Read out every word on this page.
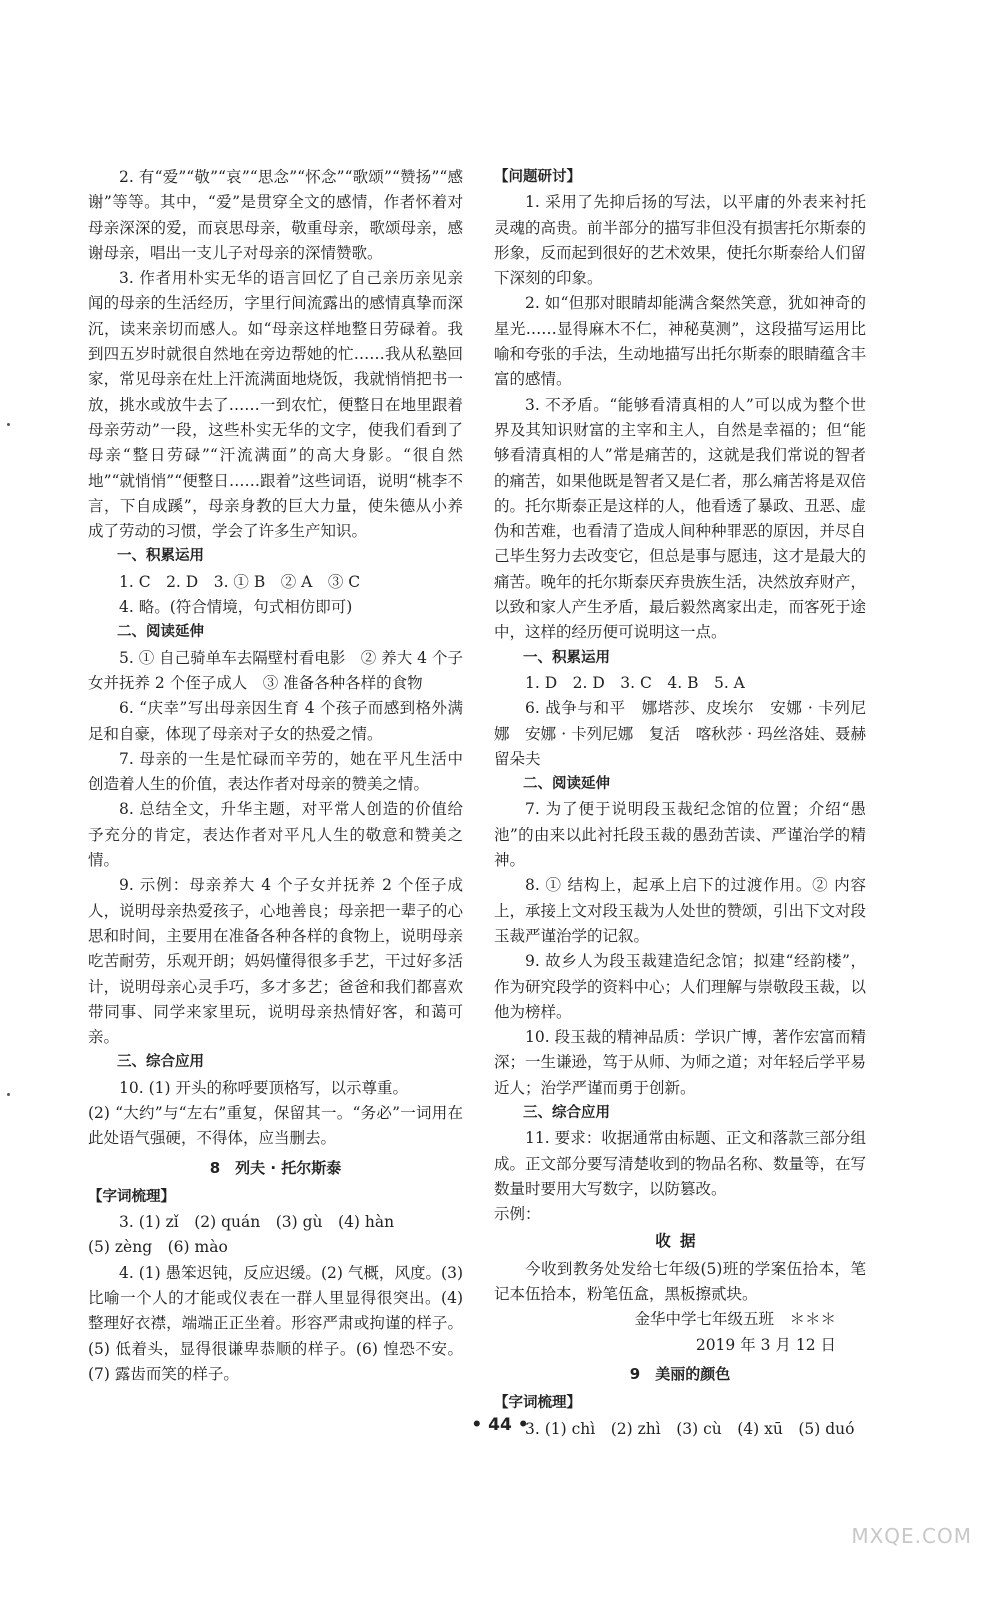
2. 有“爱”“敬”“哀”“思念”“怀念”“歌颂”“赞扬”“感谢”等等。其中，“爱”是贯穿全文的感情，作者怀着对母亲深深的爱，而哀思母亲，敬重母亲，歌颂母亲，感谢母亲，唱出一支儿子对母亲的深情赞歌。

3. 作者用朴实无华的语言回忆了自己亲历亲见亲闻的母亲的生活经历，字里行间流露出的感情真挚而深沉，读来亲切而感人。如“母亲这样地整日劳碌着。我到四五岁时就很自然地在旁边帮她的忙……我从私塾回家，常见母亲在灶上汗流满面地烧饭，我就悄悄把书一放，挑水或放牛去了……一到农忙，便整日在地里跟着母亲劳动”一段，这些朴实无华的文字，使我们看到了母亲“整日劳碌”“汗流满面”的高大身影。“很自然地”“就悄悄”“便整日……跟着”这些词语，说明“桃李不言，下自成蹊”，母亲身教的巨大力量，使朱德从小养成了劳动的习惯，学会了许多生产知识。

一、积累运用

1. C　2. D　3. ① B　② A　③ C

4. 略。(符合情境，句式相仿即可)

二、阅读延伸

5. ① 自己骑单车去隔壁村看电影　② 养大 4 个子女并抚养 2 个侄子成人　③ 准备各种各样的食物

6. “庆幸”写出母亲因生育 4 个孩子而感到格外满足和自豪，体现了母亲对子女的热爱之情。

7. 母亲的一生是忙碌而辛劳的，她在平凡生活中创造着人生的价值，表达作者对母亲的赞美之情。

8. 总结全文，升华主题，对平常人创造的价值给予充分的肯定，表达作者对平凡人生的敬意和赞美之情。

9. 示例：母亲养大 4 个子女并抚养 2 个侄子成人，说明母亲热爱孩子，心地善良；母亲把一辈子的心思和时间，主要用在准备各种各样的食物上，说明母亲吃苦耐劳，乐观开朗；妈妈懂得很多手艺，干过好多活计，说明母亲心灵手巧，多才多艺；爸爸和我们都喜欢带同事、同学来家里玩，说明母亲热情好客，和蔼可亲。

三、综合应用

10. (1) 开头的称呼要顶格写，以示尊重。

(2) “大约”与“左右”重复，保留其一。“务必”一词用在此处语气强硬，不得体，应当删去。

8　列夫 · 托尔斯泰

【字词梳理】

3. (1) zǐ　(2) quán　(3) gù　(4) hàn

(5) zèng　(6) mào

4. (1) 愚笨迟钝，反应迟缓。(2) 气概，风度。(3) 比喻一个人的才能或仪表在一群人里显得很突出。(4) 整理好衣襟，端端正正坐着。形容严肃或拘谨的样子。(5) 低着头，显得很谦卑恭顺的样子。(6) 惶恐不安。(7) 露齿而笑的样子。

【问题研讨】

1. 采用了先抑后扬的写法，以平庸的外表来衬托灵魂的高贵。前半部分的描写非但没有损害托尔斯泰的形象，反而起到很好的艺术效果，使托尔斯泰给人们留下深刻的印象。

2. 如“但那对眼睛却能满含粲然笑意，犹如神奇的星光……显得麻木不仁，神秘莫测”，这段描写运用比喻和夸张的手法，生动地描写出托尔斯泰的眼睛蕴含丰富的感情。

3. 不矛盾。“能够看清真相的人”可以成为整个世界及其知识财富的主宰和主人，自然是幸福的；但“能够看清真相的人”常是痛苦的，这就是我们常说的智者的痛苦，如果他既是智者又是仁者，那么痛苦将是双倍的。托尔斯泰正是这样的人，他看透了暴政、丑恶、虚伪和苦难，也看清了造成人间种种罪恶的原因，并尽自己毕生努力去改变它，但总是事与愿违，这才是最大的痛苦。晚年的托尔斯泰厌弃贵族生活，决然放弃财产，以致和家人产生矛盾，最后毅然离家出走，而客死于途中，这样的经历便可说明这一点。

一、积累运用

1. D　2. D　3. C　4. B　5. A

6. 战争与和平　娜塔莎、皮埃尔　安娜 · 卡列尼娜　安娜 · 卡列尼娜　复活　喀秋莎 · 玛丝洛娃、聂赫留朵夫

二、阅读延伸

7. 为了便于说明段玉裁纪念馆的位置；介绍“愚池”的由来以此衬托段玉裁的愚劲苦读、严谨治学的精神。

8. ① 结构上，起承上启下的过渡作用。② 内容上，承接上文对段玉裁为人处世的赞颂，引出下文对段玉裁严谨治学的记叙。

9. 故乡人为段玉裁建造纪念馆；拟建“经韵楼”，作为研究段学的资料中心；人们理解与崇敬段玉裁，以他为榜样。

10. 段玉裁的精神品质：学识广博，著作宏富而精深；一生谦逊，笃于从师、为师之道；对年轻后学平易近人；治学严谨而勇于创新。

三、综合应用

11. 要求：收据通常由标题、正文和落款三部分组成。正文部分要写清楚收到的物品名称、数量等，在写数量时要用大写数字，以防篡改。

示例：

收据

今收到教务处发给七年级(5)班的学案伍拾本，笔记本伍拾本，粉笔伍盒，黑板擦贰块。

金华中学七年级五班　＊＊＊

2019 年 3 月 12 日

9　美丽的颜色

【字词梳理】

3. (1) chì　(2) zhì　(3) cù　(4) xū　(5) duó

• 44 •
MXQE.COM
